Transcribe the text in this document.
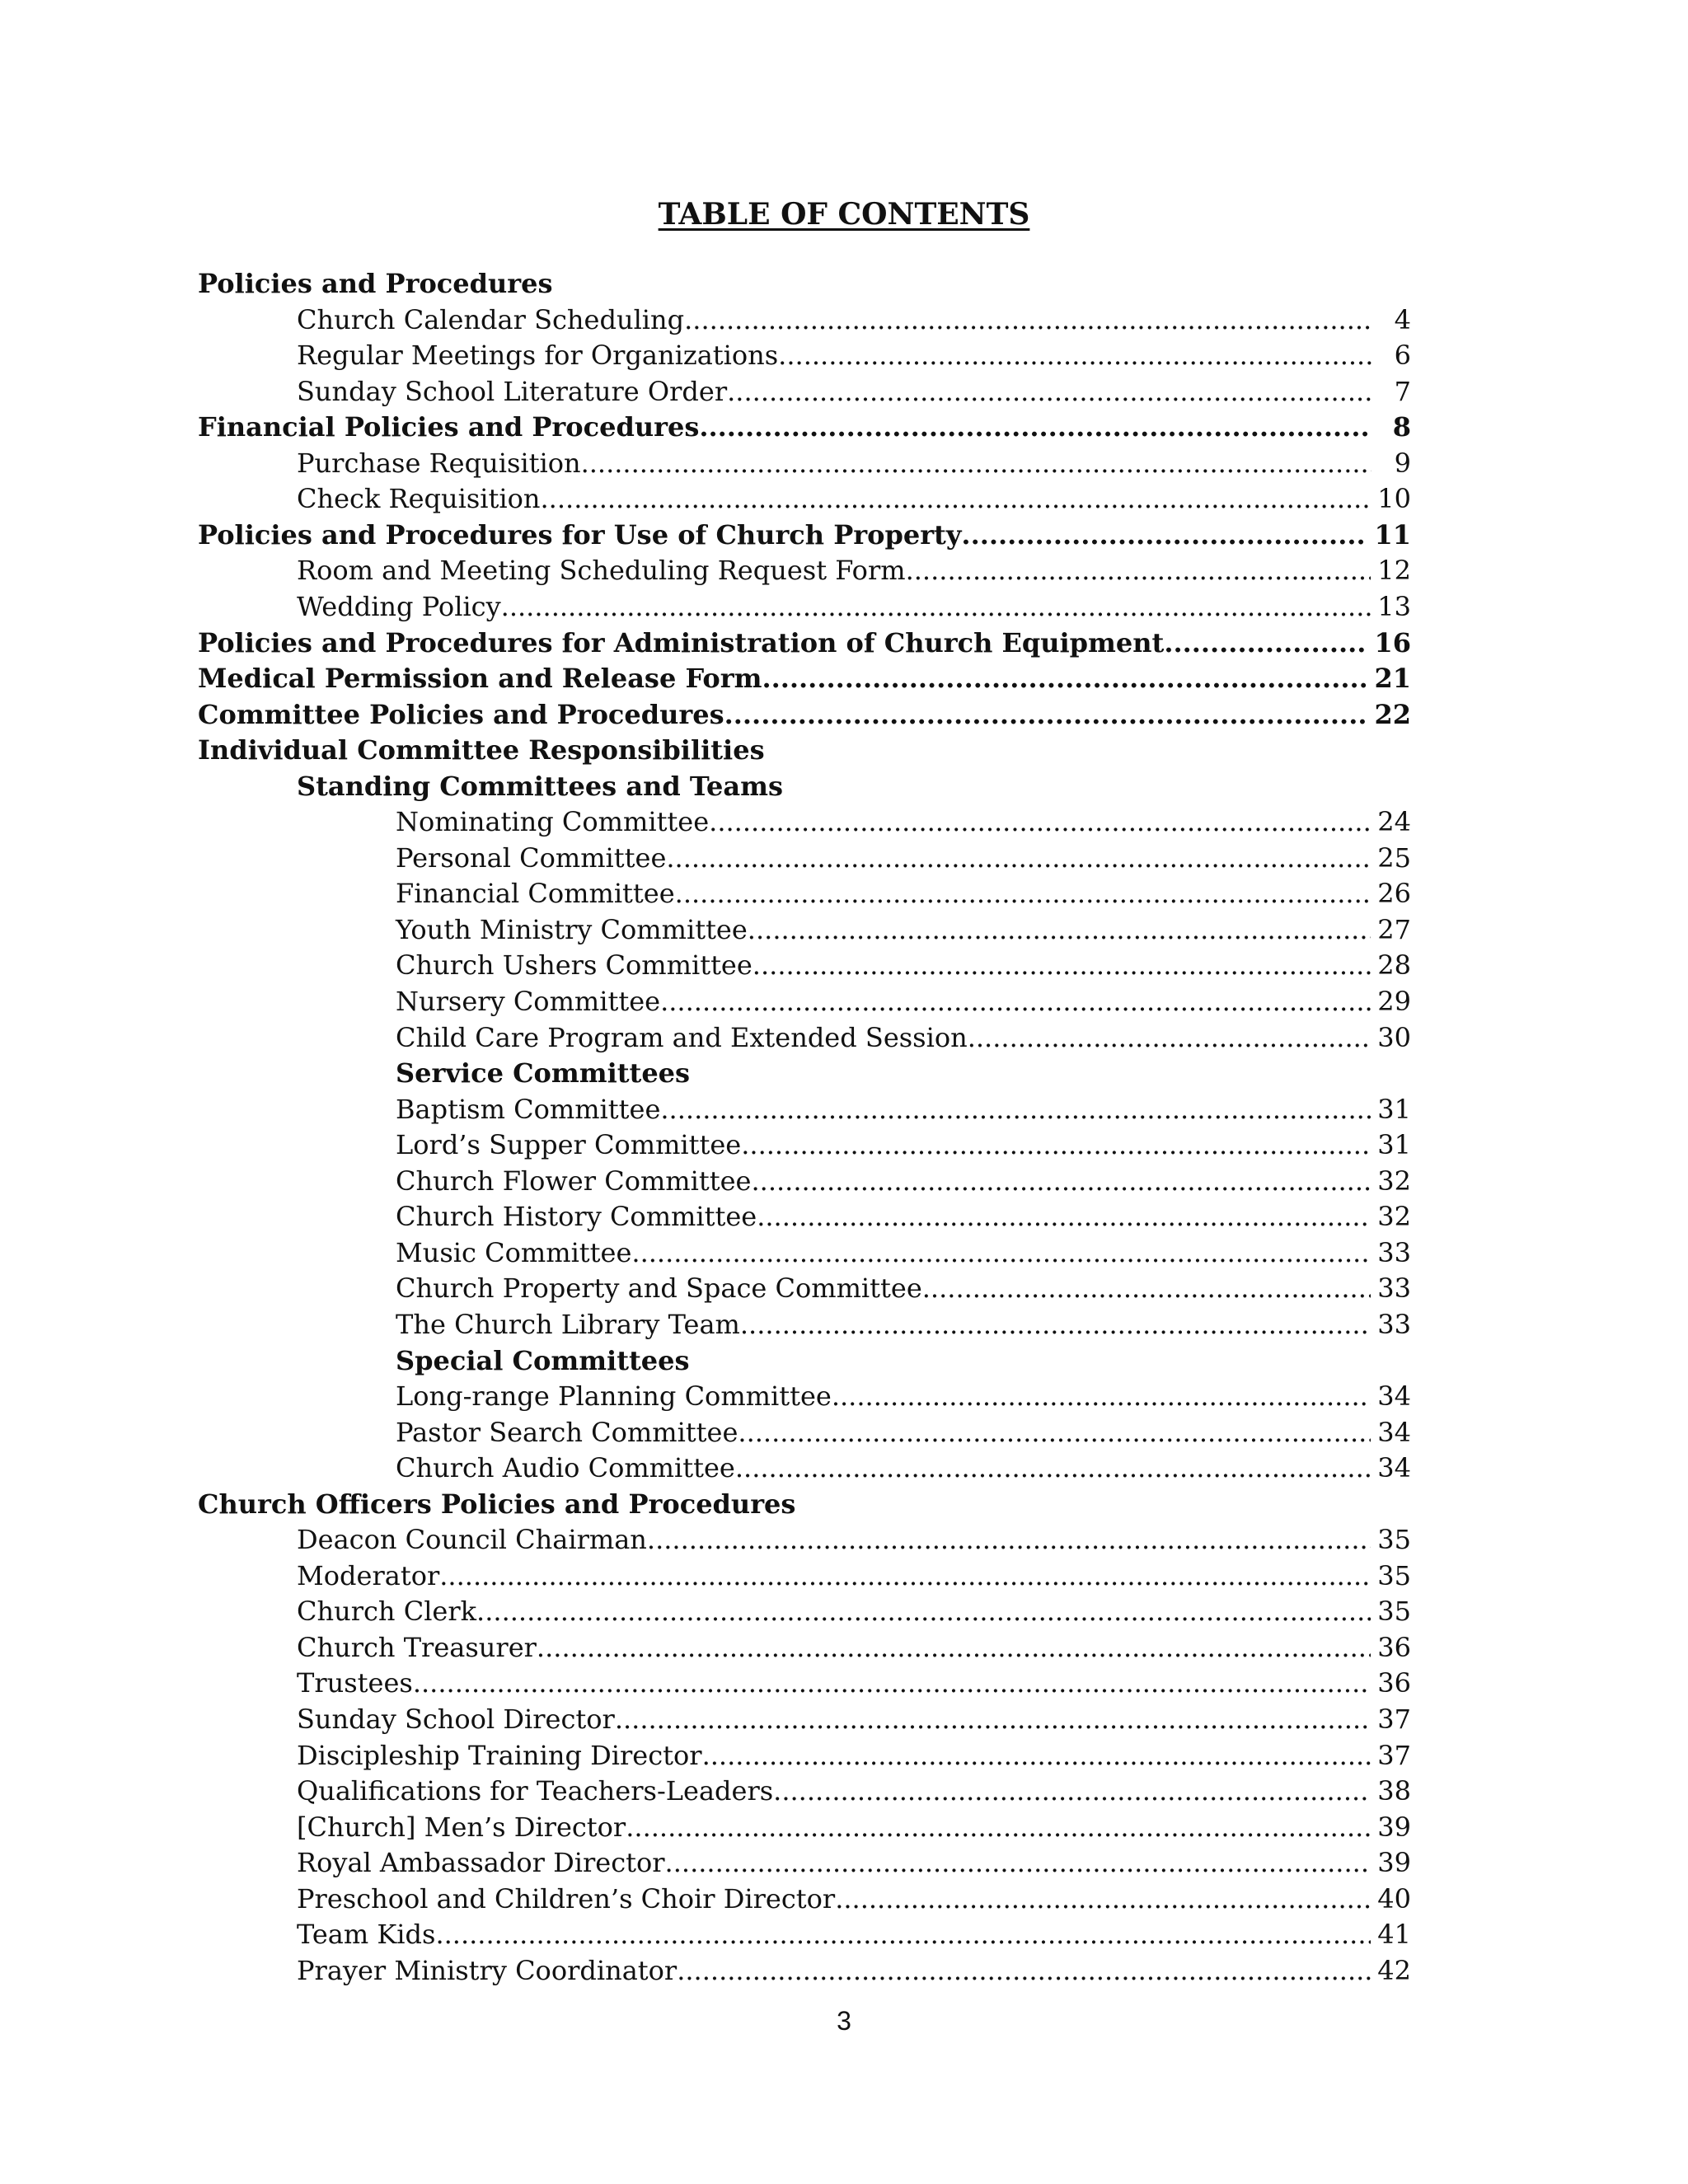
TABLE OF CONTENTS
Policies and Procedures
Church Calendar Scheduling .....	4
Regular Meetings for Organizations .....	6
Sunday School Literature Order .....	7
Financial Policies and Procedures .....	8
Purchase Requisition .....	9
Check Requisition .....	10
Policies and Procedures for Use of Church Property .....	11
Room and Meeting Scheduling Request Form .....	12
Wedding Policy .....	13
Policies and Procedures for Administration of Church Equipment .....	16
Medical Permission and Release Form .....	21
Committee Policies and Procedures .....	22
Individual Committee Responsibilities
Standing Committees and Teams
Nominating Committee .....	24
Personal Committee .....	25
Financial Committee .....	26
Youth Ministry Committee .....	27
Church Ushers Committee .....	28
Nursery Committee .....	29
Child Care Program and Extended Session .....	30
Service Committees
Baptism Committee .....	31
Lord’s Supper Committee .....	31
Church Flower Committee .....	32
Church History Committee .....	32
Music Committee .....	33
Church Property and Space Committee .....	33
The Church Library Team .....	33
Special Committees
Long-range Planning Committee .....	34
Pastor Search Committee .....	34
Church Audio Committee .....	34
Church Officers Policies and Procedures
Deacon Council Chairman .....	35
Moderator .....	35
Church Clerk .....	35
Church Treasurer .....	36
Trustees .....	36
Sunday School Director .....	37
Discipleship Training Director .....	37
Qualifications for Teachers-Leaders .....	38
[Church] Men’s Director .....	39
Royal Ambassador Director .....	39
Preschool and Children’s Choir Director .....	40
Team Kids .....	41
Prayer Ministry Coordinator .....	42
3
